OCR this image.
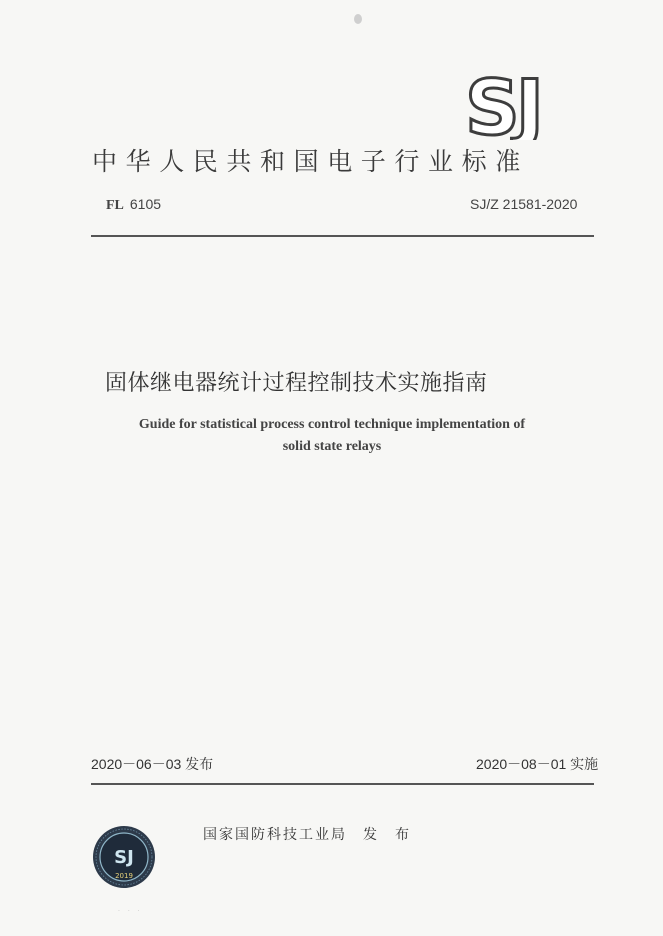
SJ
中华人民共和国电子行业标准
FL 6105	SJ/Z 21581-2020
固体继电器统计过程控制技术实施指南
Guide for statistical process control technique implementation of
solid state relays
2020－06－03 发布	2020－08－01 实施
SJ
2019
国家国防科技工业局　发　布
· · ·
